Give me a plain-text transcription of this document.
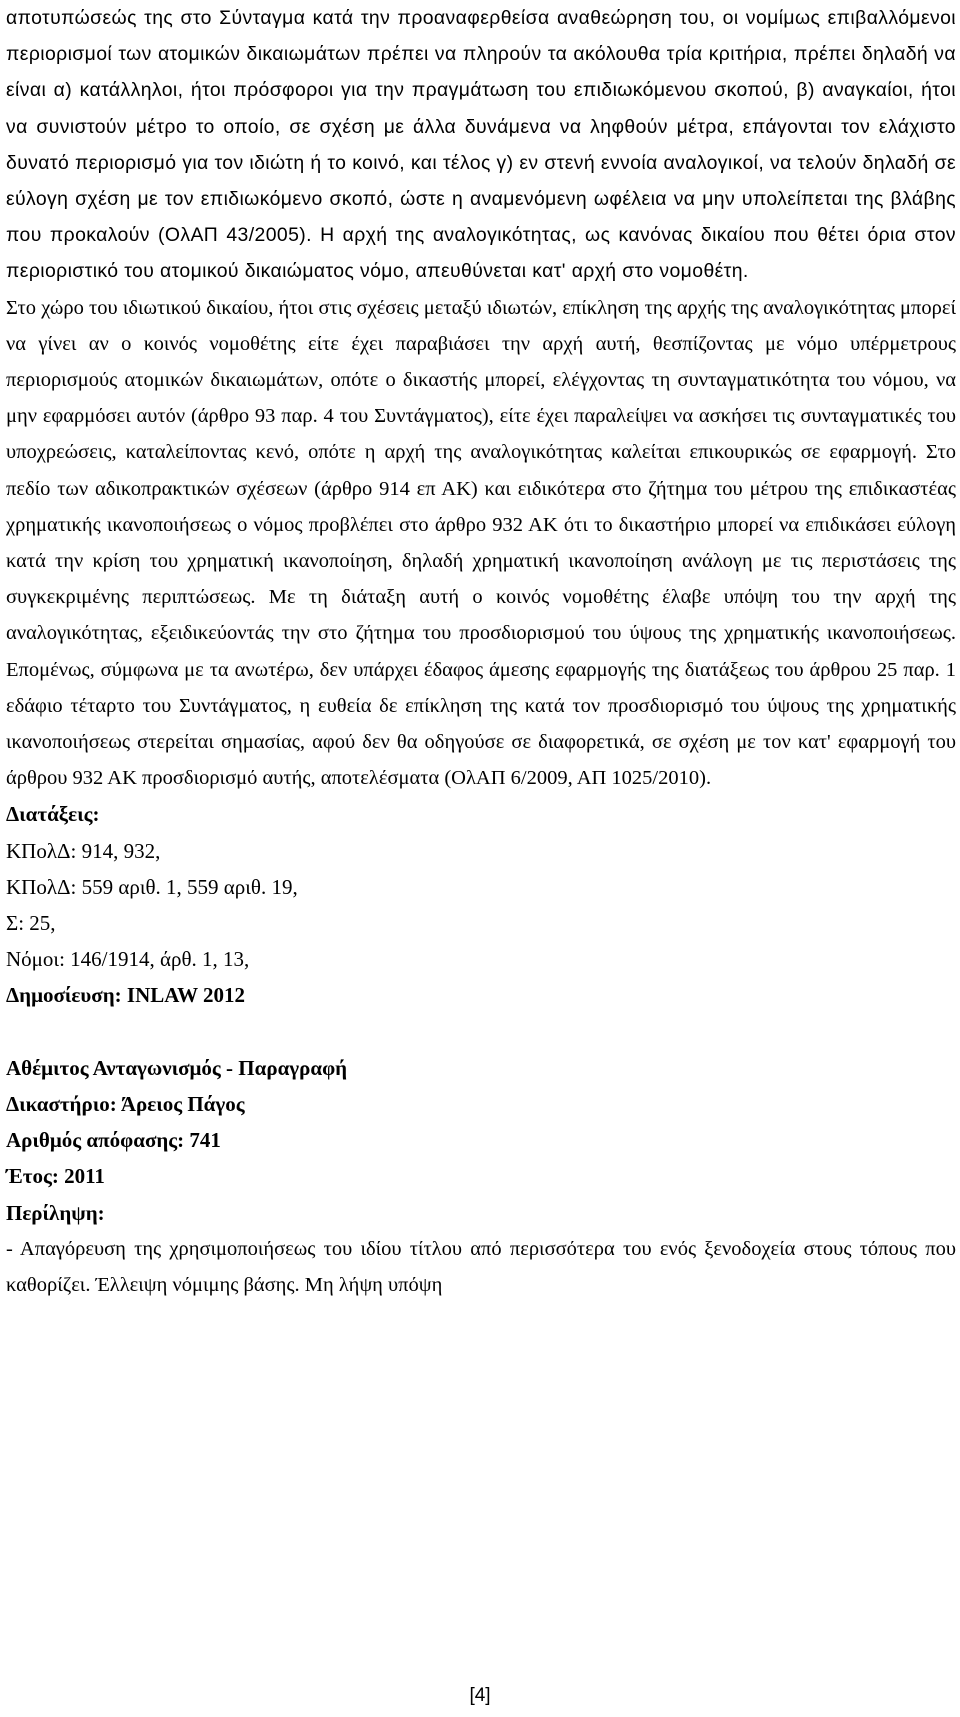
αποτυπώσεώς της στο Σύνταγμα κατά την προαναφερθείσα αναθεώρηση του, οι νομίμως επιβαλλόμενοι περιορισμοί των ατομικών δικαιωμάτων πρέπει να πληρούν τα ακόλουθα τρία κριτήρια, πρέπει δηλαδή να είναι α) κατάλληλοι, ήτοι πρόσφοροι για την πραγμάτωση του επιδιωκόμενου σκοπού, β) αναγκαίοι, ήτοι να συνιστούν μέτρο το οποίο, σε σχέση με άλλα δυνάμενα να ληφθούν μέτρα, επάγονται τον ελάχιστο δυνατό περιορισμό για τον ιδιώτη ή το κοινό, και τέλος γ) εν στενή εννοία αναλογικοί, να τελούν δηλαδή σε εύλογη σχέση με τον επιδιωκόμενο σκοπό, ώστε η αναμενόμενη ωφέλεια να μην υπολείπεται της βλάβης που προκαλούν (ΟλΑΠ 43/2005). Η αρχή της αναλογικότητας, ως κανόνας δικαίου που θέτει όρια στον περιοριστικό του ατομικού δικαιώματος νόμο, απευθύνεται κατ' αρχή στο νομοθέτη.

Στο χώρο του ιδιωτικού δικαίου, ήτοι στις σχέσεις μεταξύ ιδιωτών, επίκληση της αρχής της αναλογικότητας μπορεί να γίνει αν ο κοινός νομοθέτης είτε έχει παραβιάσει την αρχή αυτή, θεσπίζοντας με νόμο υπέρμετρους περιορισμούς ατομικών δικαιωμάτων, οπότε ο δικαστής μπορεί, ελέγχοντας τη συνταγματικότητα του νόμου, να μην εφαρμόσει αυτόν (άρθρο 93 παρ. 4 του Συντάγματος), είτε έχει παραλείψει να ασκήσει τις συνταγματικές του υποχρεώσεις, καταλείποντας κενό, οπότε η αρχή της αναλογικότητας καλείται επικουρικώς σε εφαρμογή. Στο πεδίο των αδικοπρακτικών σχέσεων (άρθρο 914 επ ΑΚ) και ειδικότερα στο ζήτημα του μέτρου της επιδικαστέας χρηματικής ικανοποιήσεως ο νόμος προβλέπει στο άρθρο 932 ΑΚ ότι το δικαστήριο μπορεί να επιδικάσει εύλογη κατά την κρίση του χρηματική ικανοποίηση, δηλαδή χρηματική ικανοποίηση ανάλογη με τις περιστάσεις της συγκεκριμένης περιπτώσεως. Με τη διάταξη αυτή ο κοινός νομοθέτης έλαβε υπόψη του την αρχή της αναλογικότητας, εξειδικεύοντάς την στο ζήτημα του προσδιορισμού του ύψους της χρηματικής ικανοποιήσεως. Επομένως, σύμφωνα με τα ανωτέρω, δεν υπάρχει έδαφος άμεσης εφαρμογής της διατάξεως του άρθρου 25 παρ. 1 εδάφιο τέταρτο του Συντάγματος, η ευθεία δε επίκληση της κατά τον προσδιορισμό του ύψους της χρηματικής ικανοποιήσεως στερείται σημασίας, αφού δεν θα οδηγούσε σε διαφορετικά, σε σχέση με τον κατ' εφαρμογή του άρθρου 932 ΑΚ προσδιορισμό αυτής, αποτελέσματα (ΟλΑΠ 6/2009, ΑΠ 1025/2010).

Διατάξεις:

ΚΠολΔ: 914, 932,

ΚΠολΔ: 559 αριθ. 1, 559 αριθ. 19,

Σ: 25,

Νόμοι: 146/1914, άρθ. 1, 13,

Δημοσίευση: INLAW 2012

Αθέμιτος Ανταγωνισμός - Παραγραφή

Δικαστήριο: Άρειος Πάγος

Αριθμός απόφασης: 741

Έτος: 2011

Περίληψη:

- Απαγόρευση της χρησιμοποιήσεως του ιδίου τίτλου από περισσότερα του ενός ξενοδοχεία στους τόπους που καθορίζει. Έλλειψη νόμιμης βάσης. Μη λήψη υπόψη

[4]
